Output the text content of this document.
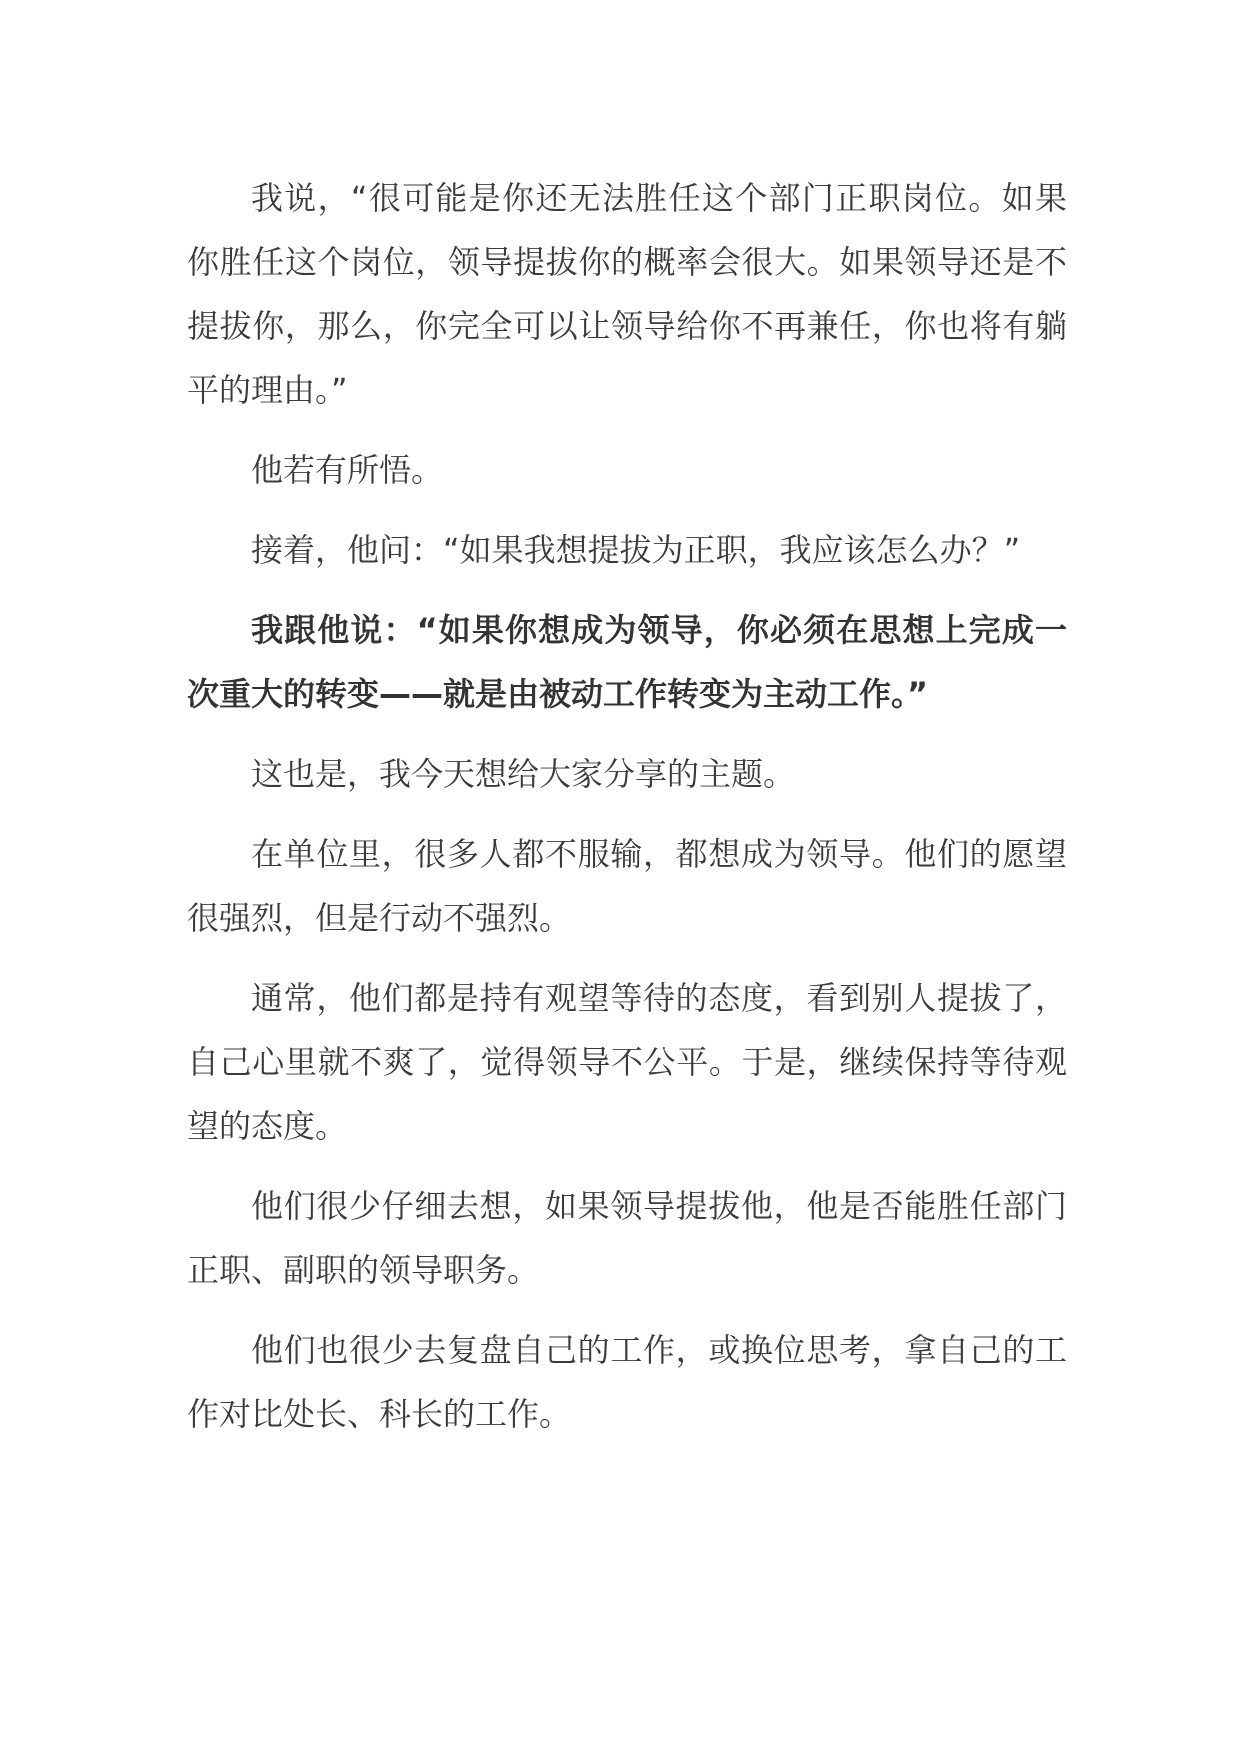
我说，“很可能是你还无法胜任这个部门正职岗位。如果你胜任这个岗位，领导提拔你的概率会很大。如果领导还是不提拔你，那么，你完全可以让领导给你不再兼任，你也将有躺平的理由。”

他若有所悟。

接着，他问：“如果我想提拔为正职，我应该怎么办？”

我跟他说：“如果你想成为领导，你必须在思想上完成一次重大的转变——就是由被动工作转变为主动工作。”

这也是，我今天想给大家分享的主题。

在单位里，很多人都不服输，都想成为领导。他们的愿望很强烈，但是行动不强烈。

通常，他们都是持有观望等待的态度，看到别人提拔了，自己心里就不爽了，觉得领导不公平。于是，继续保持等待观望的态度。

他们很少仔细去想，如果领导提拔他，他是否能胜任部门正职、副职的领导职务。

他们也很少去复盘自己的工作，或换位思考，拿自己的工作对比处长、科长的工作。
